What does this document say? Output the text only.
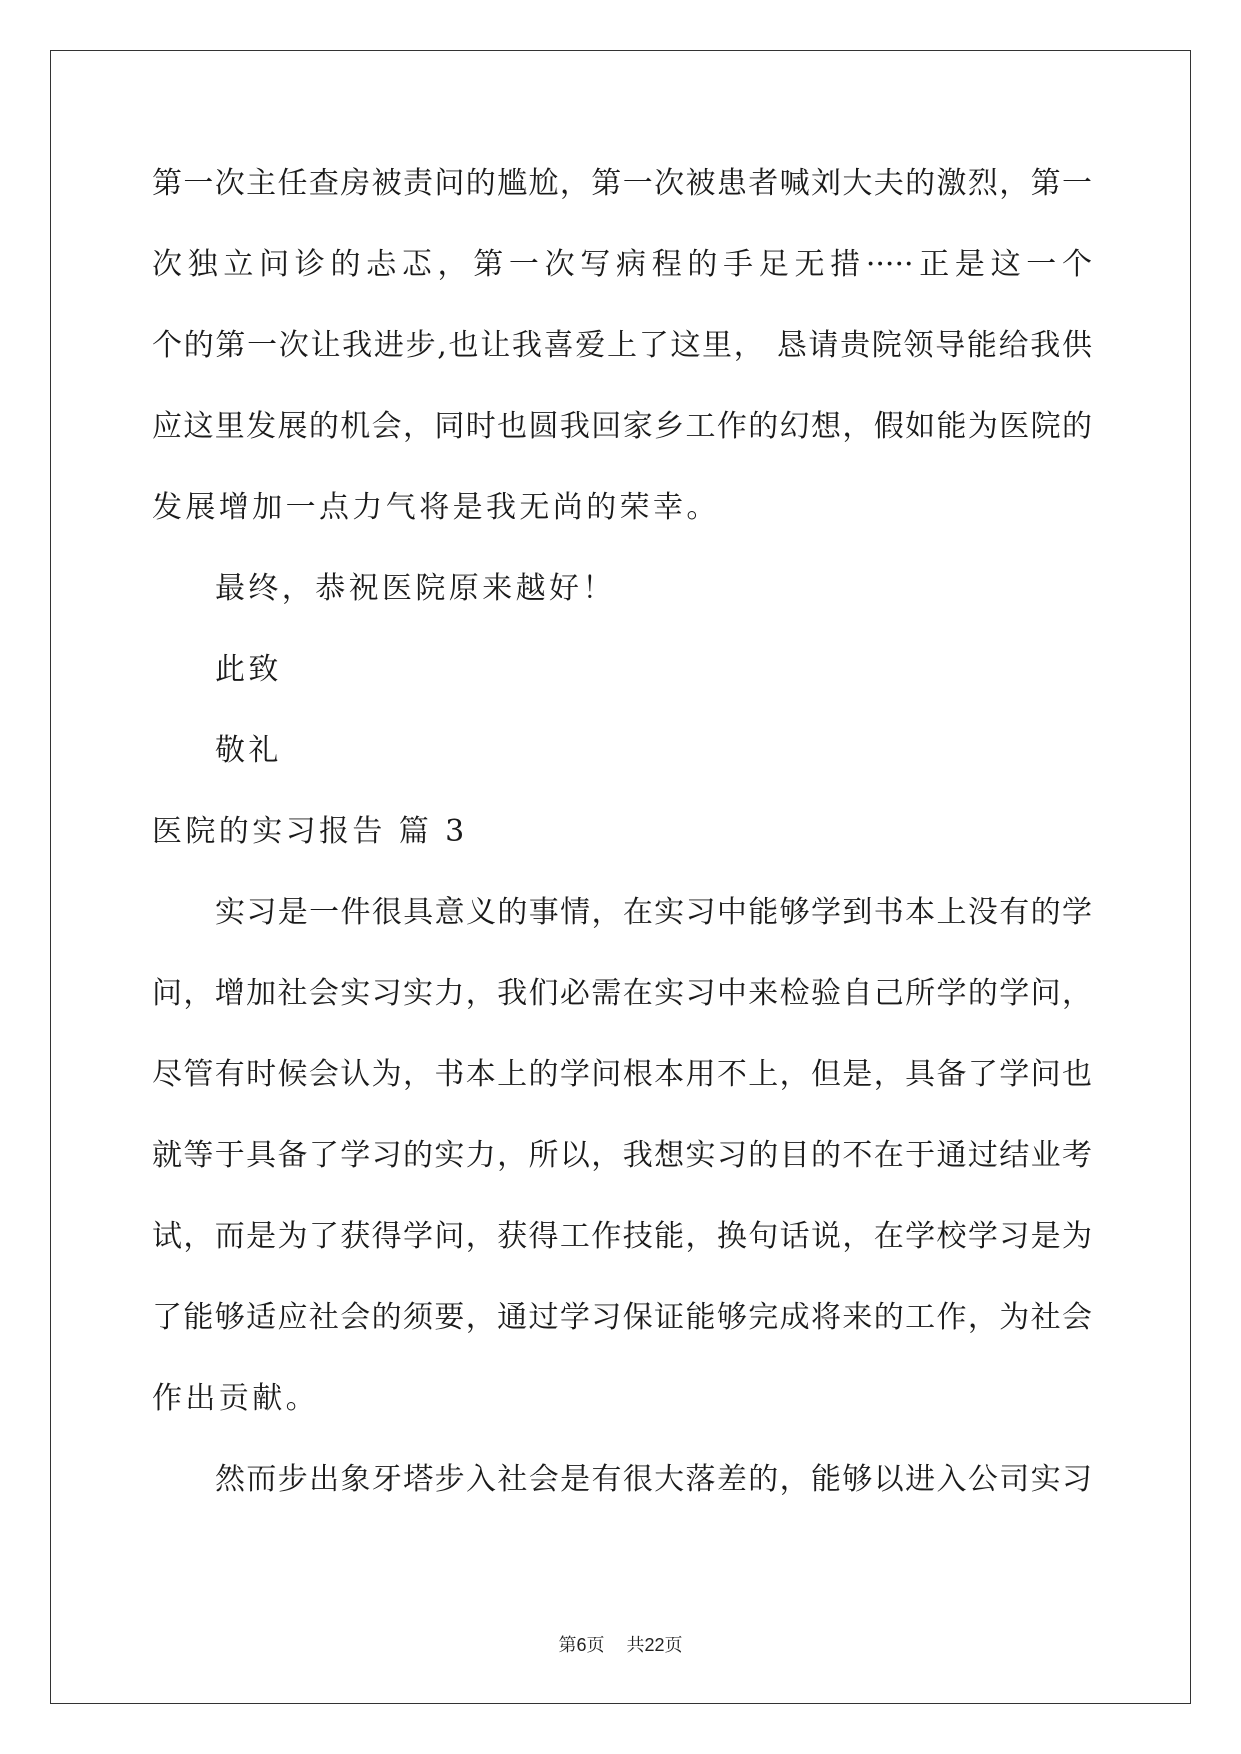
第一次主任查房被责问的尴尬，第一次被患者喊刘大夫的激烈，第一
次独立问诊的忐忑，第一次写病程的手足无措·····正是这一个
个的第一次让我进步,也让我喜爱上了这里， 恳请贵院领导能给我供
应这里发展的机会，同时也圆我回家乡工作的幻想，假如能为医院的
发展增加一点力气将是我无尚的荣幸。
最终，恭祝医院原来越好！
此致
敬礼
医院的实习报告 篇 3
实习是一件很具意义的事情，在实习中能够学到书本上没有的学
问，增加社会实习实力，我们必需在实习中来检验自己所学的学问，
尽管有时候会认为，书本上的学问根本用不上，但是，具备了学问也
就等于具备了学习的实力，所以，我想实习的目的不在于通过结业考
试，而是为了获得学问，获得工作技能，换句话说，在学校学习是为
了能够适应社会的须要，通过学习保证能够完成将来的工作，为社会
作出贡献。
然而步出象牙塔步入社会是有很大落差的，能够以进入公司实习
第6页 共22页
